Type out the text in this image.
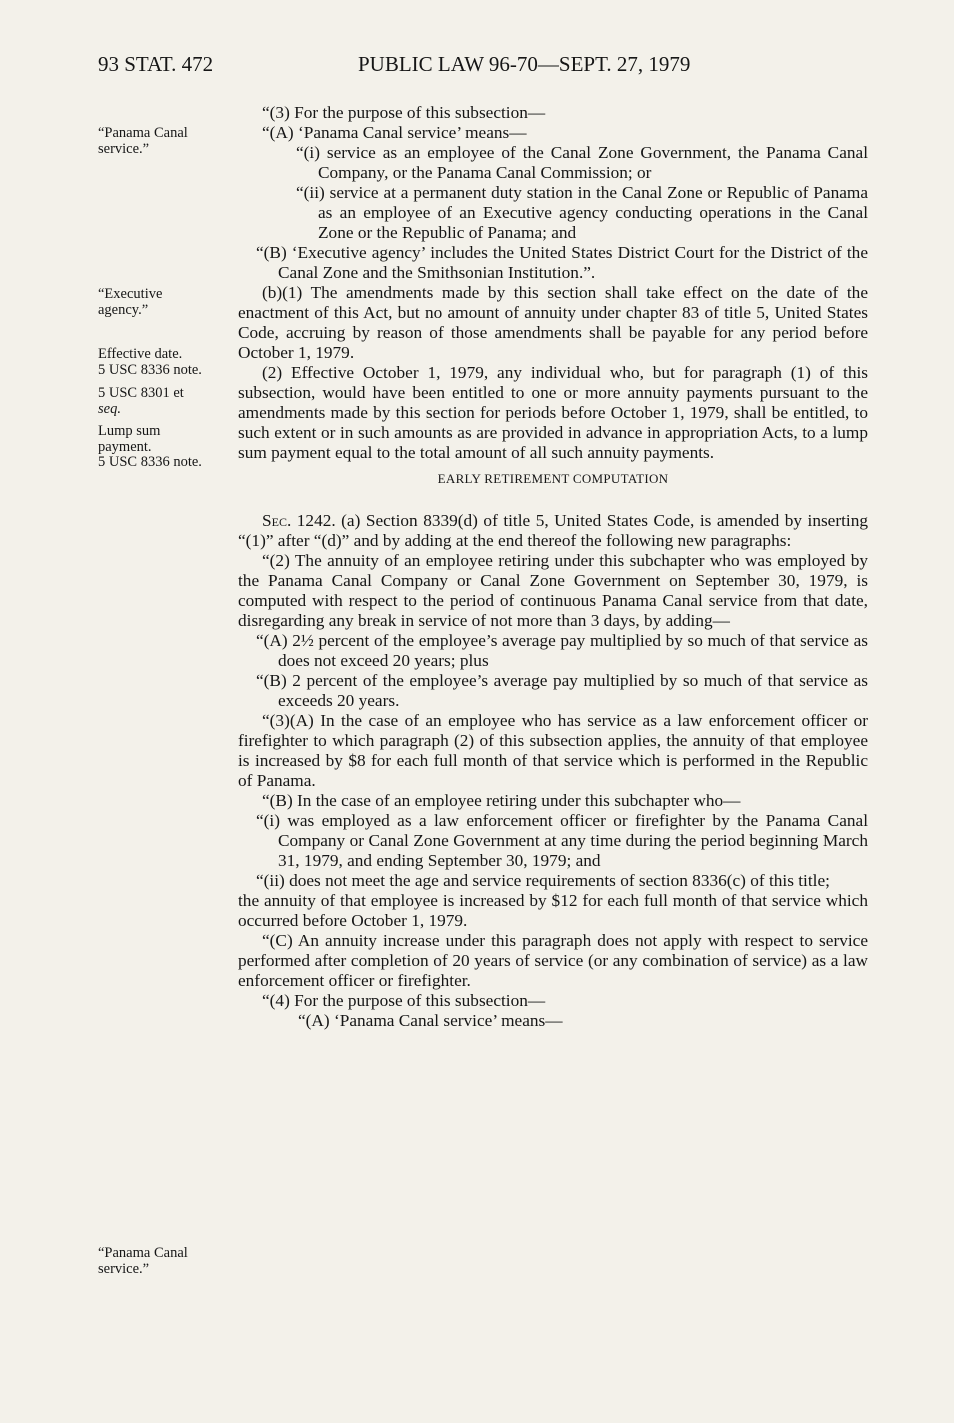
93 STAT. 472	PUBLIC LAW 96-70—SEPT. 27, 1979
“Panama Canal
service.”
“Executive
agency.”
Effective date.
5 USC 8336 note.
5 USC 8301 et
seq.
Lump sum
payment.
5 USC 8336 note.
“Panama Canal
service.”

“(3) For the purpose of this subsection—

“(A) ‘Panama Canal service’ means—

“(i) service as an employee of the Canal Zone Government, the Panama Canal Company, or the Panama Canal Commission; or

“(ii) service at a permanent duty station in the Canal Zone or Republic of Panama as an employee of an Executive agency conducting operations in the Canal Zone or the Republic of Panama; and

“(B) ‘Executive agency’ includes the United States District Court for the District of the Canal Zone and the Smithsonian Institution.”.

(b)(1) The amendments made by this section shall take effect on the date of the enactment of this Act, but no amount of annuity under chapter 83 of title 5, United States Code, accruing by reason of those amendments shall be payable for any period before October 1, 1979.

(2) Effective October 1, 1979, any individual who, but for paragraph (1) of this subsection, would have been entitled to one or more annuity payments pursuant to the amendments made by this section for periods before October 1, 1979, shall be entitled, to such extent or in such amounts as are provided in advance in appropriation Acts, to a lump sum payment equal to the total amount of all such annuity payments.

EARLY RETIREMENT COMPUTATION

Sec. 1242. (a) Section 8339(d) of title 5, United States Code, is amended by inserting “(1)” after “(d)” and by adding at the end thereof the following new paragraphs:

“(2) The annuity of an employee retiring under this subchapter who was employed by the Panama Canal Company or Canal Zone Government on September 30, 1979, is computed with respect to the period of continuous Panama Canal service from that date, disregarding any break in service of not more than 3 days, by adding—

“(A) 2½ percent of the employee’s average pay multiplied by so much of that service as does not exceed 20 years; plus

“(B) 2 percent of the employee’s average pay multiplied by so much of that service as exceeds 20 years.

“(3)(A) In the case of an employee who has service as a law enforcement officer or firefighter to which paragraph (2) of this subsection applies, the annuity of that employee is increased by $8 for each full month of that service which is performed in the Republic of Panama.

“(B) In the case of an employee retiring under this subchapter who—

“(i) was employed as a law enforcement officer or firefighter by the Panama Canal Company or Canal Zone Government at any time during the period beginning March 31, 1979, and ending September 30, 1979; and

“(ii) does not meet the age and service requirements of section 8336(c) of this title;

the annuity of that employee is increased by $12 for each full month of that service which occurred before October 1, 1979.

“(C) An annuity increase under this paragraph does not apply with respect to service performed after completion of 20 years of service (or any combination of service) as a law enforcement officer or firefighter.

“(4) For the purpose of this subsection—

“(A) ‘Panama Canal service’ means—
